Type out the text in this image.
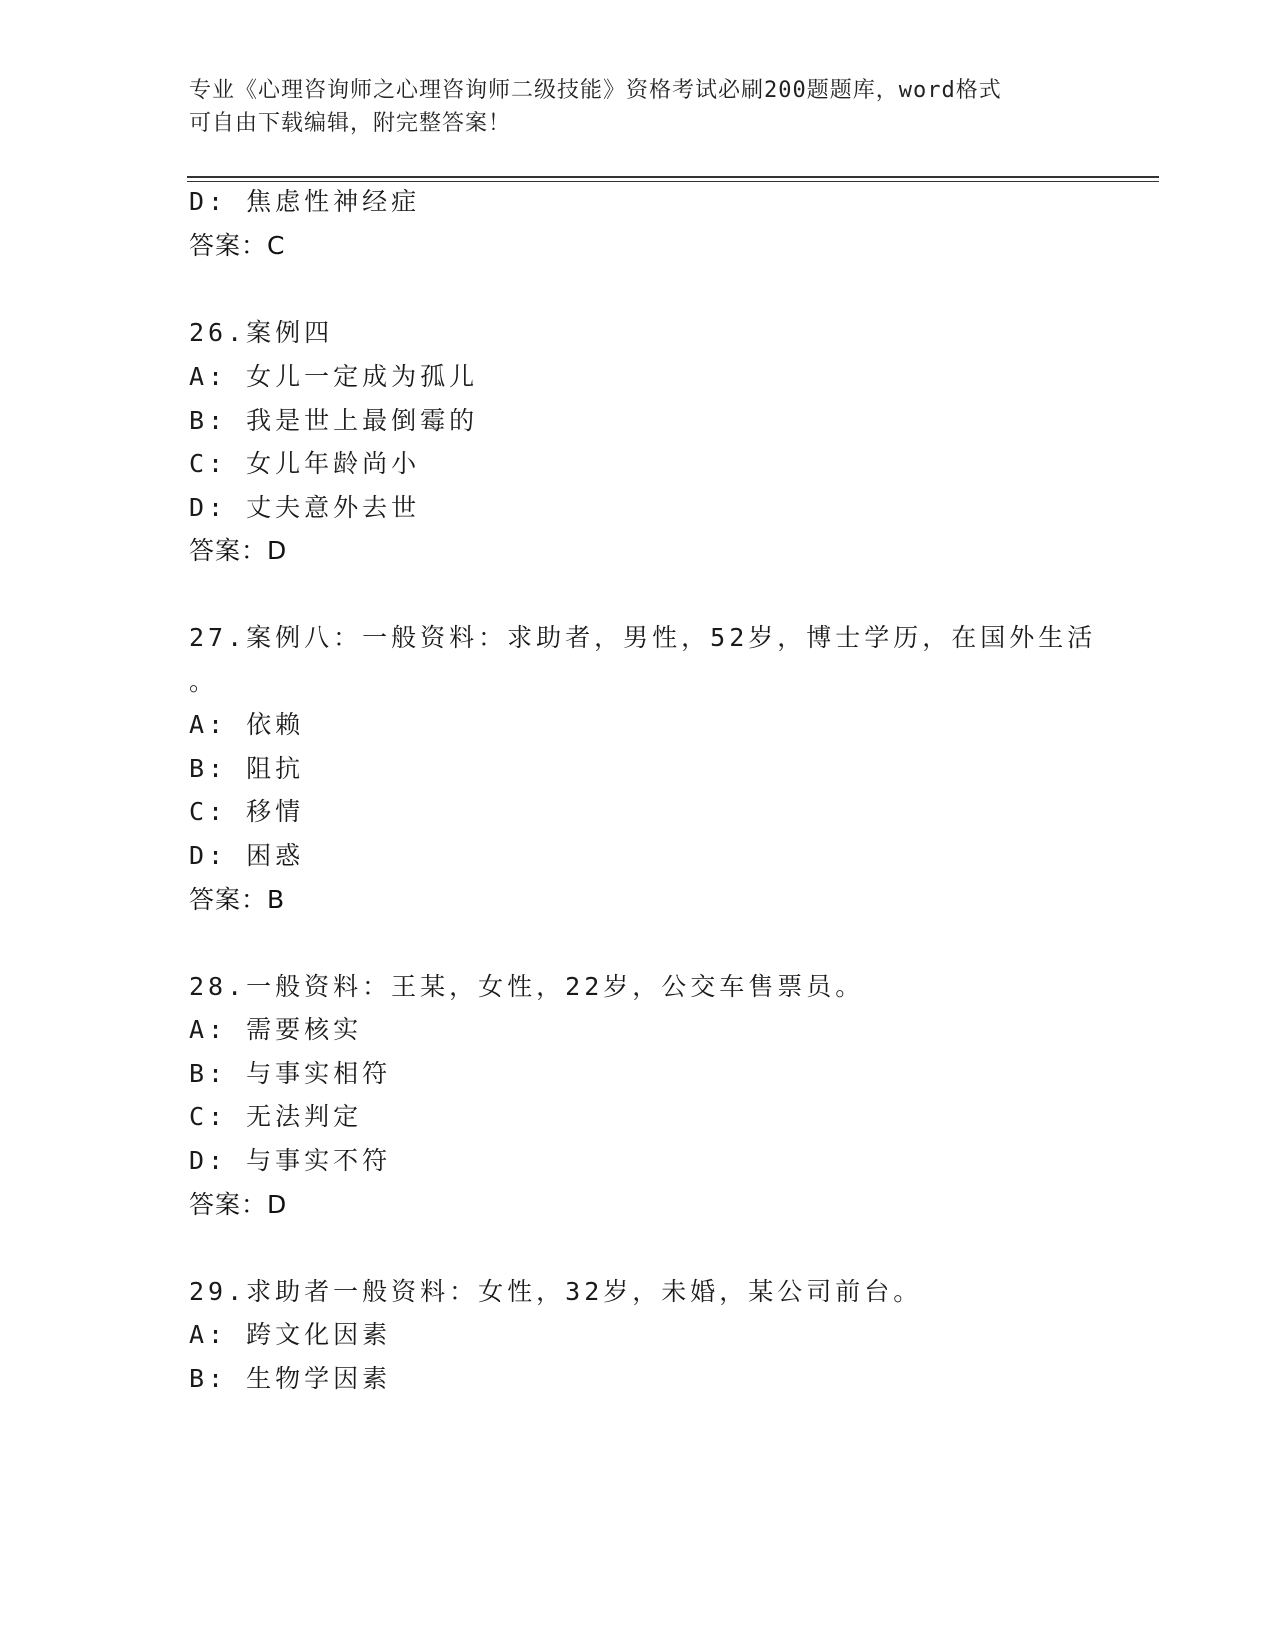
专业《心理咨询师之心理咨询师二级技能》资格考试必刷200题题库，word格式
可自由下载编辑，附完整答案！
D: 焦虑性神经症
答案：C
26.案例四
A: 女儿一定成为孤儿
B: 我是世上最倒霉的
C: 女儿年龄尚小
D: 丈夫意外去世
答案：D
27.案例八：一般资料：求助者，男性，52岁，博士学历，在国外生活
。
A: 依赖
B: 阻抗
C: 移情
D: 困惑
答案：B
28.一般资料：王某，女性，22岁，公交车售票员。
A: 需要核实
B: 与事实相符
C: 无法判定
D: 与事实不符
答案：D
29.求助者一般资料：女性，32岁，未婚，某公司前台。
A: 跨文化因素
B: 生物学因素
